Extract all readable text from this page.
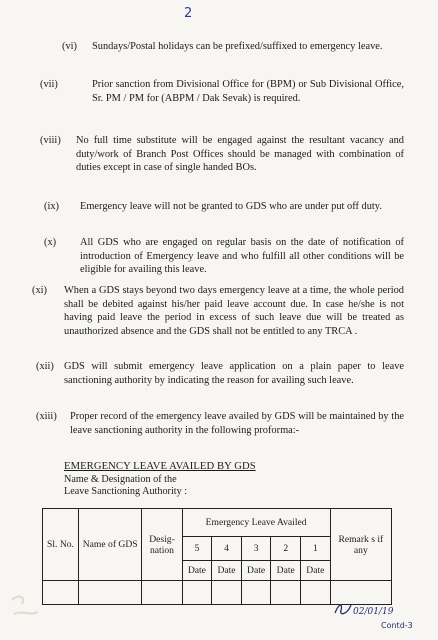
2
(vi) Sundays/Postal holidays can be prefixed/suffixed to emergency leave.
(vii)	Prior sanction from Divisional Office for (BPM) or Sub Divisional Office, Sr. PM / PM for (ABPM / Dak Sevak) is required.
(viii) No full time substitute will be engaged against the resultant vacancy and duty/work of Branch Post Offices should be managed with combination of duties except in case of single handed BOs.
(ix) Emergency leave will not be granted to GDS who are under put off duty.
(x) All GDS who are engaged on regular basis on the date of notification of introduction of Emergency leave and who fulfill all other conditions will be eligible for availing this leave.
(xi) When a GDS stays beyond two days emergency leave at a time, the whole period shall be debited against his/her paid leave account due. In case he/she is not having paid leave the period in excess of such leave due will be treated as unauthorized absence and the GDS shall not be entitled to any TRCA .
(xii) GDS will submit emergency leave application on a plain paper to leave sanctioning authority by indicating the reason for availing such leave.
(xiii) Proper record of the emergency leave availed by GDS will be maintained by the leave sanctioning authority in the following proforma:-
EMERGENCY LEAVE AVAILED BY GDS
Name & Designation of the
Leave Sanctioning Authority :
Sl. No.	Name of GDS	Desig-nation	Emergency Leave Availed					Remark s if any
			5	4	3	2	1	
			Date	Date	Date	Date	Date	

02/01/19
Contd-3
